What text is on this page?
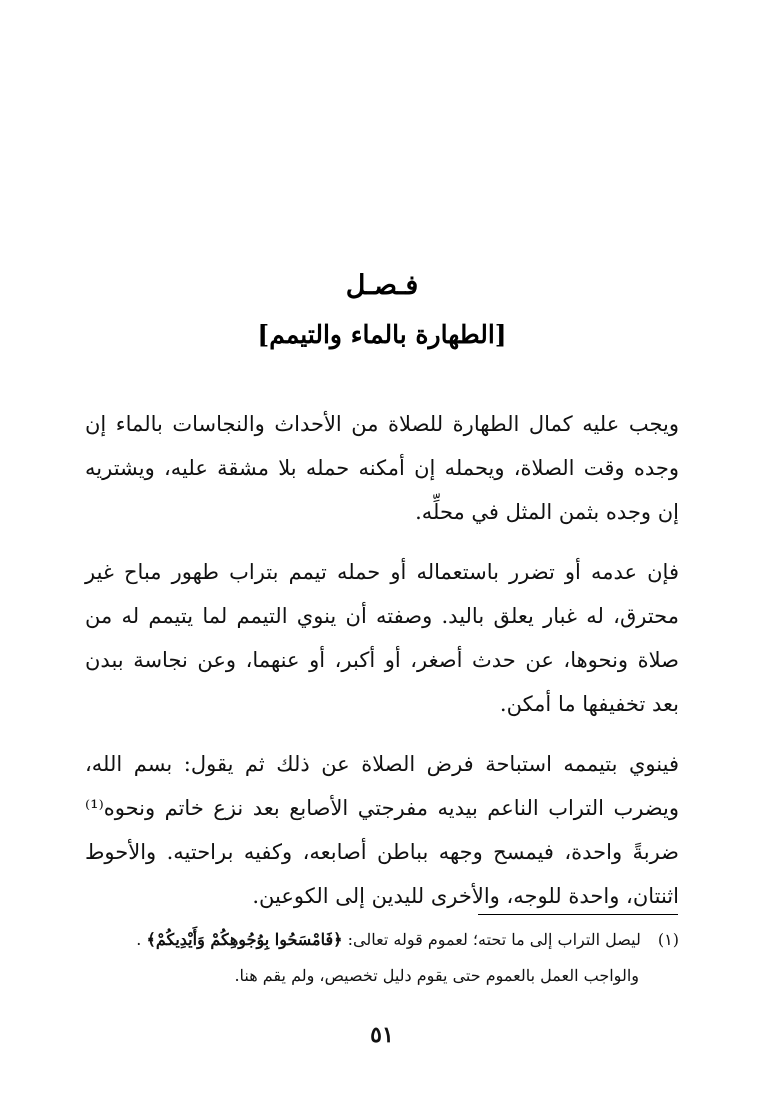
فـصـل
[الطهارة بالماء والتيمم]

ويجب عليه كمال الطهارة للصلاة من الأحداث والنجاسات بالماء إن وجده وقت الصلاة، ويحمله إن أمكنه حمله بلا مشقة عليه، ويشتريه إن وجده بثمن المثل في محلِّه.

فإن عدمه أو تضرر باستعماله أو حمله تيمم بتراب طهور مباح غير محترق، له غبار يعلق باليد. وصفته أن ينوي التيمم لما يتيمم له من صلاة ونحوها، عن حدث أصغر، أو أكبر، أو عنهما، وعن نجاسة ببدن بعد تخفيفها ما أمكن.

فينوي بتيممه استباحة فرض الصلاة عن ذلك ثم يقول: بسم الله، ويضرب التراب الناعم بيديه مفرجتي الأصابع بعد نزع خاتم ونحوه⁽¹⁾ ضربةً واحدة، فيمسح وجهه بباطن أصابعه، وكفيه براحتيه. والأحوط اثنتان، واحدة للوجه، والأخرى لليدين إلى الكوعين.

(١) ليصل التراب إلى ما تحته؛ لعموم قوله تعالى: ﴿فَامْسَحُوا بِوُجُوهِكُمْ وَأَيْدِيكُمْ﴾ .

والواجب العمل بالعموم حتى يقوم دليل تخصيص، ولم يقم هنا.

٥١
